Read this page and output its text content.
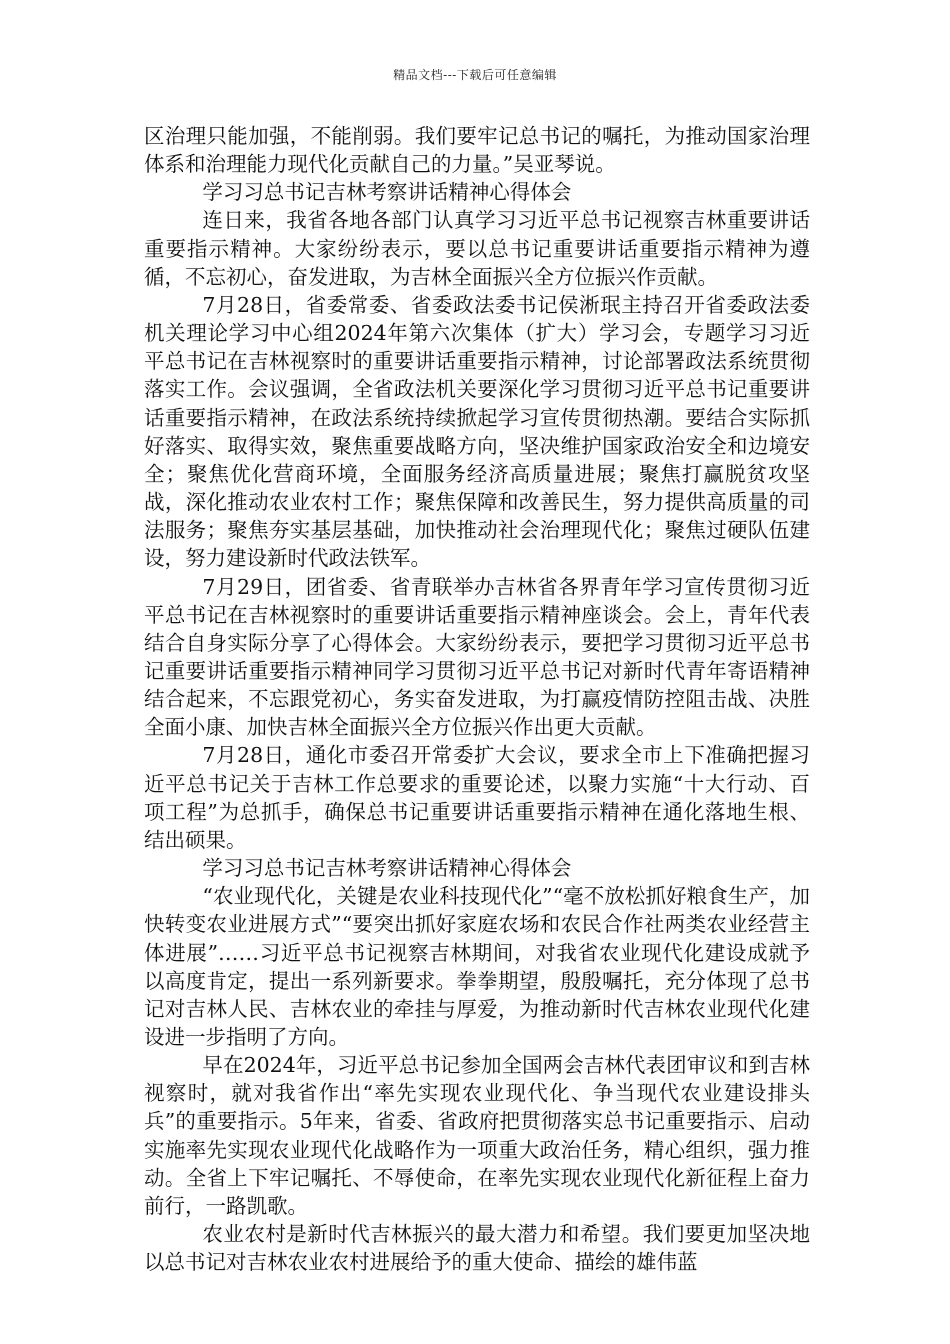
精品文档---下载后可任意编辑

区治理只能加强，不能削弱。我们要牢记总书记的嘱托，为推动国家治理体系和治理能力现代化贡献自己的力量。”吴亚琴说。

学习习总书记吉林考察讲话精神心得体会

连日来，我省各地各部门认真学习习近平总书记视察吉林重要讲话重要指示精神。大家纷纷表示，要以总书记重要讲话重要指示精神为遵循，不忘初心，奋发进取，为吉林全面振兴全方位振兴作贡献。

7月28日，省委常委、省委政法委书记侯淅珉主持召开省委政法委机关理论学习中心组2024年第六次集体（扩大）学习会，专题学习习近平总书记在吉林视察时的重要讲话重要指示精神，讨论部署政法系统贯彻落实工作。会议强调，全省政法机关要深化学习贯彻习近平总书记重要讲话重要指示精神，在政法系统持续掀起学习宣传贯彻热潮。要结合实际抓好落实、取得实效，聚焦重要战略方向，坚决维护国家政治安全和边境安全；聚焦优化营商环境，全面服务经济高质量进展；聚焦打赢脱贫攻坚战，深化推动农业农村工作；聚焦保障和改善民生，努力提供高质量的司法服务；聚焦夯实基层基础，加快推动社会治理现代化；聚焦过硬队伍建设，努力建设新时代政法铁军。

7月29日，团省委、省青联举办吉林省各界青年学习宣传贯彻习近平总书记在吉林视察时的重要讲话重要指示精神座谈会。会上，青年代表结合自身实际分享了心得体会。大家纷纷表示，要把学习贯彻习近平总书记重要讲话重要指示精神同学习贯彻习近平总书记对新时代青年寄语精神结合起来，不忘跟党初心，务实奋发进取，为打赢疫情防控阻击战、决胜全面小康、加快吉林全面振兴全方位振兴作出更大贡献。

7月28日，通化市委召开常委扩大会议，要求全市上下准确把握习近平总书记关于吉林工作总要求的重要论述，以聚力实施“十大行动、百项工程”为总抓手，确保总书记重要讲话重要指示精神在通化落地生根、结出硕果。

学习习总书记吉林考察讲话精神心得体会

“农业现代化，关键是农业科技现代化”“毫不放松抓好粮食生产，加快转变农业进展方式”“要突出抓好家庭农场和农民合作社两类农业经营主体进展”……习近平总书记视察吉林期间，对我省农业现代化建设成就予以高度肯定，提出一系列新要求。拳拳期望，殷殷嘱托，充分体现了总书记对吉林人民、吉林农业的牵挂与厚爱，为推动新时代吉林农业现代化建设进一步指明了方向。

早在2024年，习近平总书记参加全国两会吉林代表团审议和到吉林视察时，就对我省作出“率先实现农业现代化、争当现代农业建设排头兵”的重要指示。5年来，省委、省政府把贯彻落实总书记重要指示、启动实施率先实现农业现代化战略作为一项重大政治任务，精心组织，强力推动。全省上下牢记嘱托、不辱使命，在率先实现农业现代化新征程上奋力前行，一路凯歌。

农业农村是新时代吉林振兴的最大潜力和希望。我们要更加坚决地以总书记对吉林农业农村进展给予的重大使命、描绘的雄伟蓝
